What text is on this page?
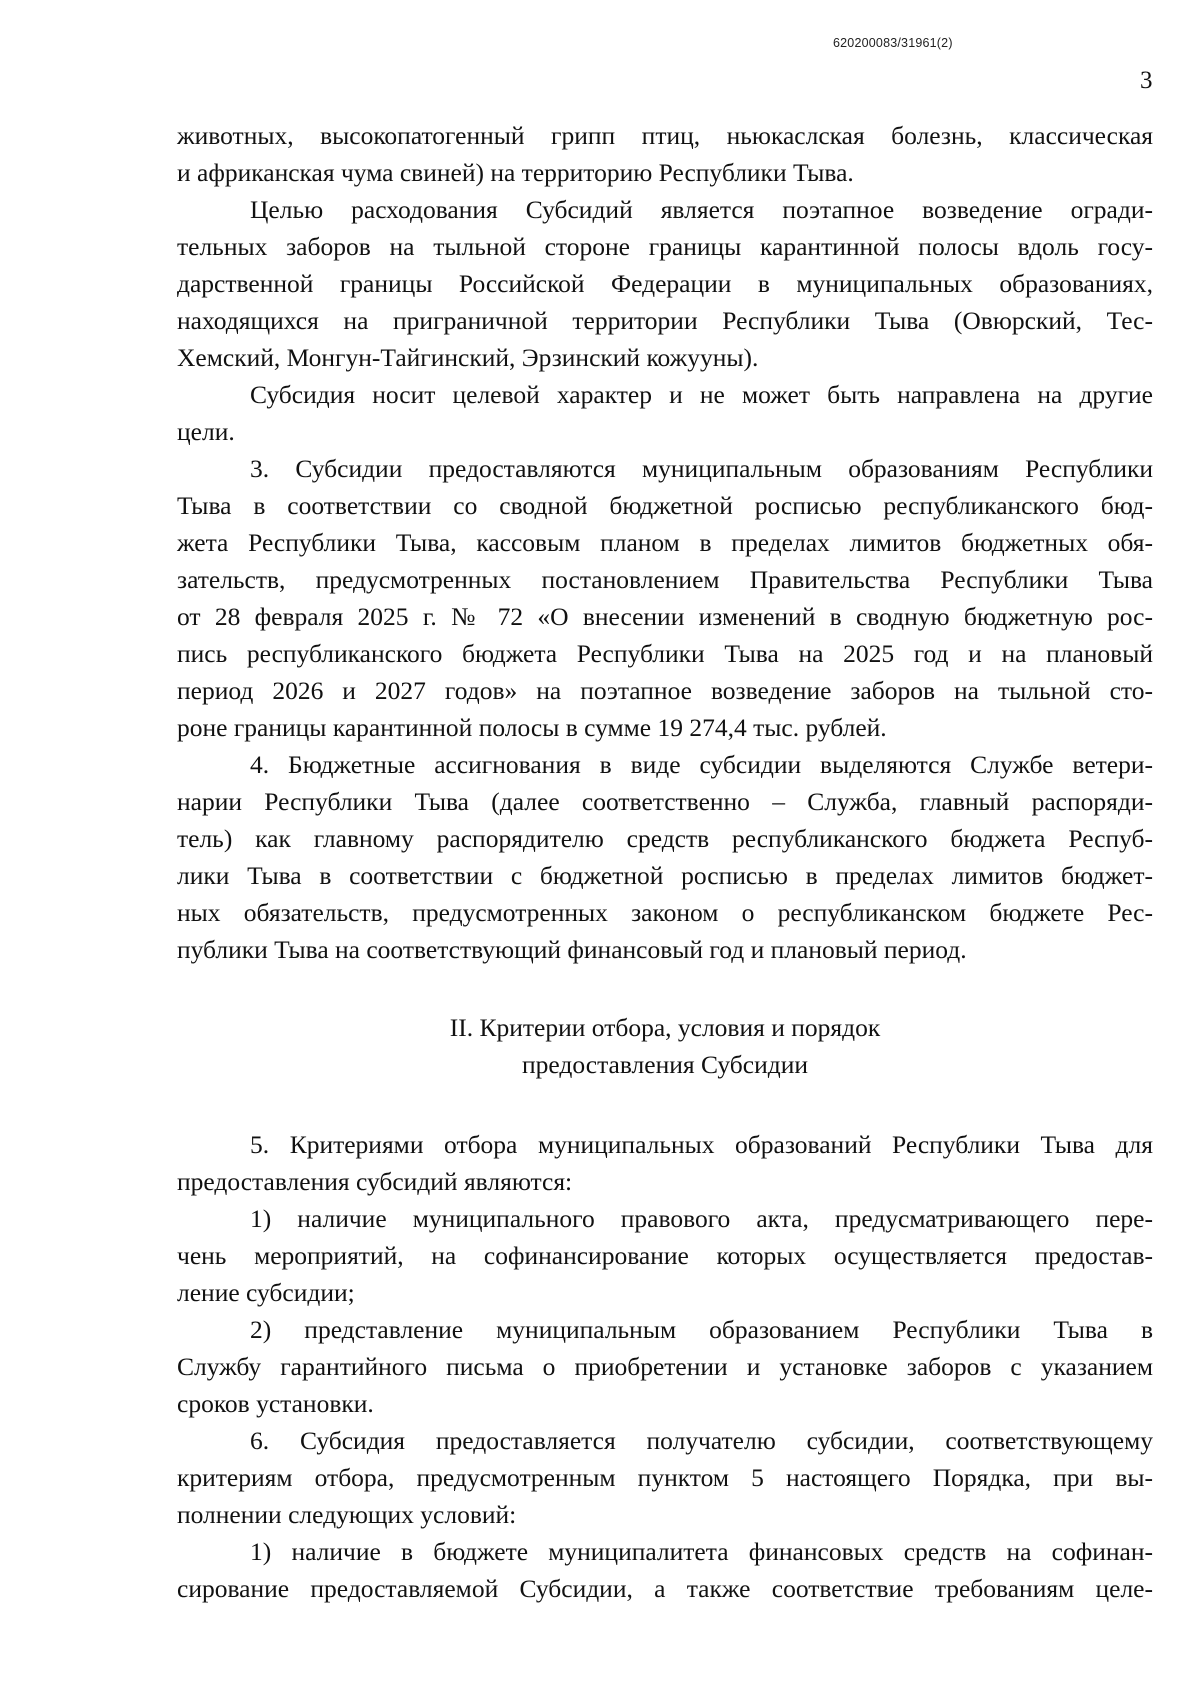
620200083/31961(2)
3
животных, высокопатогенный грипп птиц, ньюкаслская болезнь, классическая
и африканская чума свиней) на территорию Республики Тыва.
Целью расходования Субсидий является поэтапное возведение огради-
тельных заборов на тыльной стороне границы карантинной полосы вдоль госу-
дарственной границы Российской Федерации в муниципальных образованиях,
находящихся на приграничной территории Республики Тыва (Овюрский, Тес-
Хемский, Монгун-Тайгинский, Эрзинский кожууны).
Субсидия носит целевой характер и не может быть направлена на другие
цели.
3. Субсидии предоставляются муниципальным образованиям Республики
Тыва в соответствии со сводной бюджетной росписью республиканского бюд-
жета Республики Тыва, кассовым планом в пределах лимитов бюджетных обя-
зательств, предусмотренных постановлением Правительства Республики Тыва
от 28 февраля 2025 г. № 72 «О внесении изменений в сводную бюджетную рос-
пись республиканского бюджета Республики Тыва на 2025 год и на плановый
период 2026 и 2027 годов» на поэтапное возведение заборов на тыльной сто-
роне границы карантинной полосы в сумме 19 274,4 тыс. рублей.
4. Бюджетные ассигнования в виде субсидии выделяются Службе ветери-
нарии Республики Тыва (далее соответственно – Служба, главный распоряди-
тель) как главному распорядителю средств республиканского бюджета Респуб-
лики Тыва в соответствии с бюджетной росписью в пределах лимитов бюджет-
ных обязательств, предусмотренных законом о республиканском бюджете Рес-
публики Тыва на соответствующий финансовый год и плановый период.
II. Критерии отбора, условия и порядок
предоставления Субсидии
5. Критериями отбора муниципальных образований Республики Тыва для
предоставления субсидий являются:
1) наличие муниципального правового акта, предусматривающего пере-
чень мероприятий, на софинансирование которых осуществляется предостав-
ление субсидии;
2) представление муниципальным образованием Республики Тыва в
Службу гарантийного письма о приобретении и установке заборов с указанием
сроков установки.
6. Субсидия предоставляется получателю субсидии, соответствующему
критериям отбора, предусмотренным пунктом 5 настоящего Порядка, при вы-
полнении следующих условий:
1) наличие в бюджете муниципалитета финансовых средств на софинан-
сирование предоставляемой Субсидии, а также соответствие требованиям целе-
